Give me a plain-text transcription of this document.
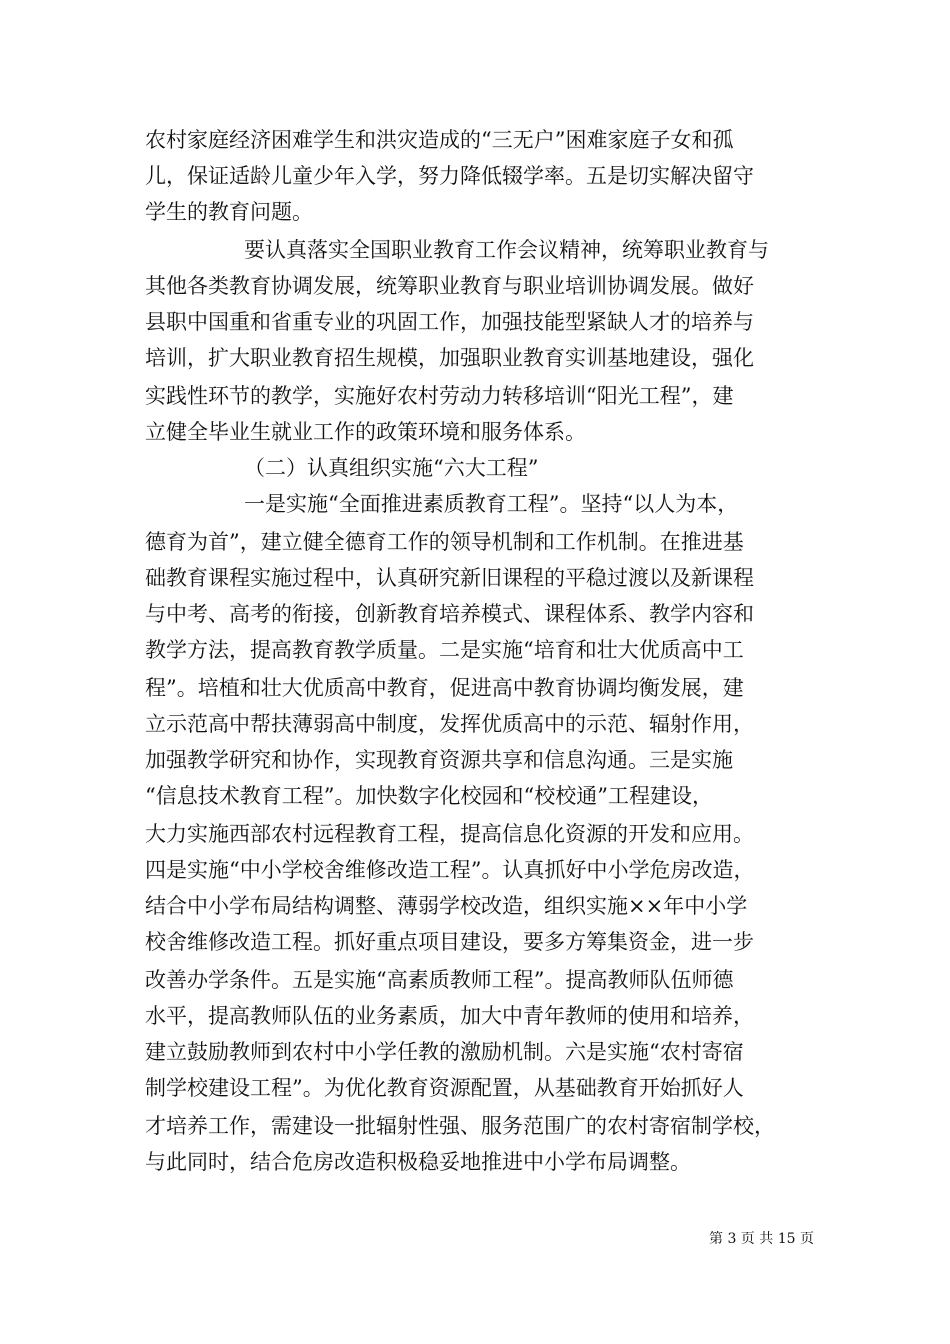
农村家庭经济困难学生和洪灾造成的“三无户”困难家庭子女和孤
儿，保证适龄儿童少年入学，努力降低辍学率。五是切实解决留守
学生的教育问题。
要认真落实全国职业教育工作会议精神，统筹职业教育与
其他各类教育协调发展，统筹职业教育与职业培训协调发展。做好
县职中国重和省重专业的巩固工作，加强技能型紧缺人才的培养与
培训，扩大职业教育招生规模，加强职业教育实训基地建设，强化
实践性环节的教学，实施好农村劳动力转移培训“阳光工程”，建
立健全毕业生就业工作的政策环境和服务体系。
（二）认真组织实施“六大工程”
一是实施“全面推进素质教育工程”。坚持“以人为本，
德育为首”，建立健全德育工作的领导机制和工作机制。在推进基
础教育课程实施过程中，认真研究新旧课程的平稳过渡以及新课程
与中考、高考的衔接，创新教育培养模式、课程体系、教学内容和
教学方法，提高教育教学质量。二是实施“培育和壮大优质高中工
程”。培植和壮大优质高中教育，促进高中教育协调均衡发展，建
立示范高中帮扶薄弱高中制度，发挥优质高中的示范、辐射作用，
加强教学研究和协作，实现教育资源共享和信息沟通。三是实施
“信息技术教育工程”。加快数字化校园和“校校通”工程建设，
大力实施西部农村远程教育工程，提高信息化资源的开发和应用。
四是实施“中小学校舍维修改造工程”。认真抓好中小学危房改造，
结合中小学布局结构调整、薄弱学校改造，组织实施××年中小学
校舍维修改造工程。抓好重点项目建设，要多方筹集资金，进一步
改善办学条件。五是实施“高素质教师工程”。提高教师队伍师德
水平，提高教师队伍的业务素质，加大中青年教师的使用和培养，
建立鼓励教师到农村中小学任教的激励机制。六是实施“农村寄宿
制学校建设工程”。为优化教育资源配置，从基础教育开始抓好人
才培养工作，需建设一批辐射性强、服务范围广的农村寄宿制学校，
与此同时，结合危房改造积极稳妥地推进中小学布局调整。
第 3 页 共 15 页
